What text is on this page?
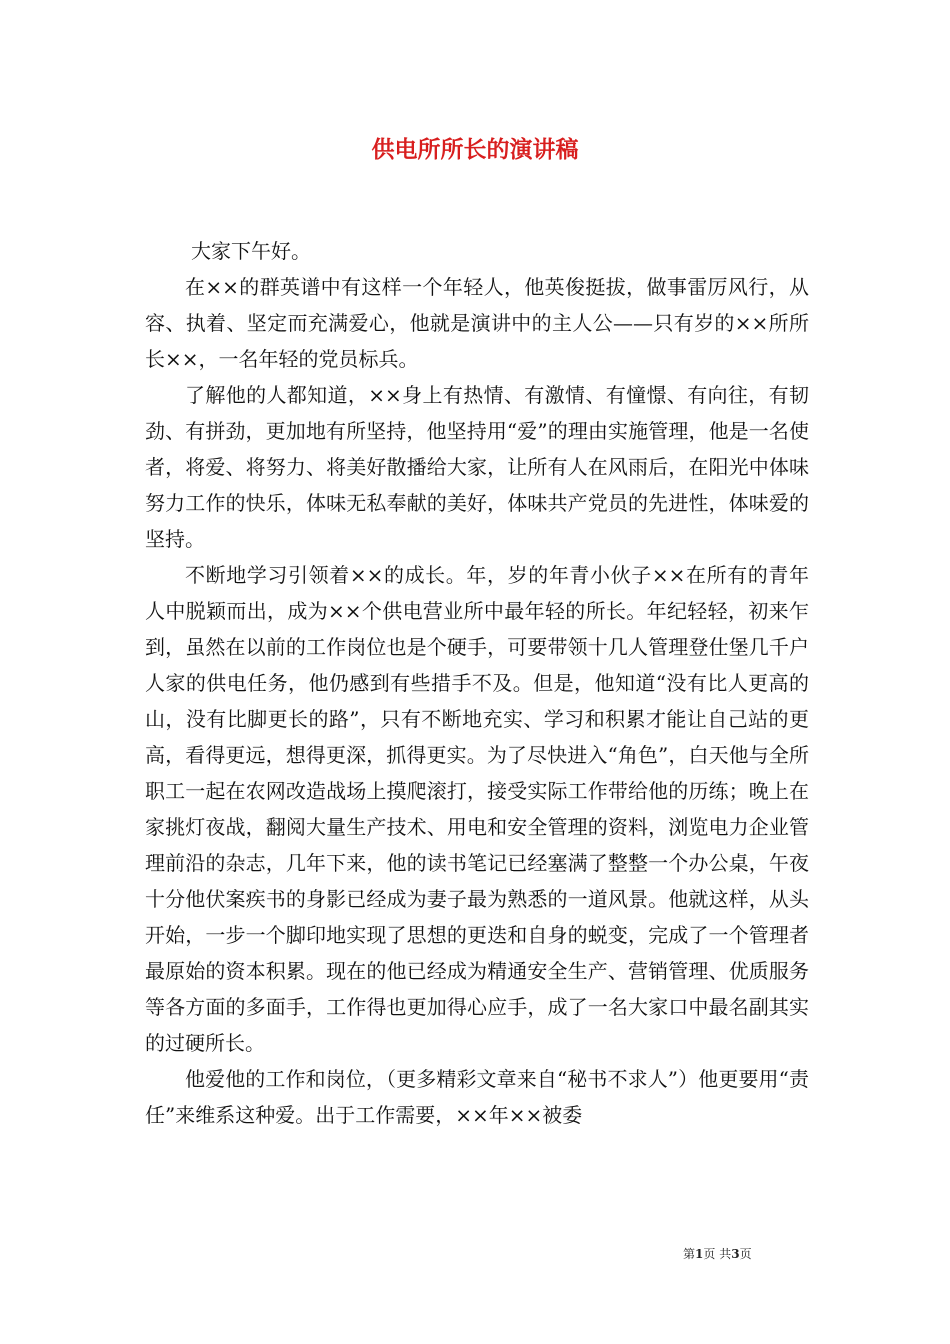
供电所所长的演讲稿

大家下午好。

在××的群英谱中有这样一个年轻人，他英俊挺拔，做事雷厉风行，从容、执着、坚定而充满爱心，他就是演讲中的主人公——只有岁的××所所长××，一名年轻的党员标兵。

了解他的人都知道，××身上有热情、有激情、有憧憬、有向往，有韧劲、有拼劲，更加地有所坚持，他坚持用“爱”的理由实施管理，他是一名使者，将爱、将努力、将美好散播给大家，让所有人在风雨后，在阳光中体味努力工作的快乐，体味无私奉献的美好，体味共产党员的先进性，体味爱的坚持。

不断地学习引领着××的成长。年，岁的年青小伙子××在所有的青年人中脱颖而出，成为××个供电营业所中最年轻的所长。年纪轻轻，初来乍到，虽然在以前的工作岗位也是个硬手，可要带领十几人管理登仕堡几千户人家的供电任务，他仍感到有些措手不及。但是，他知道“没有比人更高的山，没有比脚更长的路”，只有不断地充实、学习和积累才能让自己站的更高，看得更远，想得更深，抓得更实。为了尽快进入“角色”，白天他与全所职工一起在农网改造战场上摸爬滚打，接受实际工作带给他的历练；晚上在家挑灯夜战，翻阅大量生产技术、用电和安全管理的资料，浏览电力企业管理前沿的杂志，几年下来，他的读书笔记已经塞满了整整一个办公桌，午夜十分他伏案疾书的身影已经成为妻子最为熟悉的一道风景。他就这样，从头开始，一步一个脚印地实现了思想的更迭和自身的蜕变，完成了一个管理者最原始的资本积累。现在的他已经成为精通安全生产、营销管理、优质服务等各方面的多面手，工作得也更加得心应手，成了一名大家口中最名副其实的过硬所长。

他爱他的工作和岗位，（更多精彩文章来自“秘书不求人”）他更要用“责任”来维系这种爱。出于工作需要，××年××被委

第1页 共3页
